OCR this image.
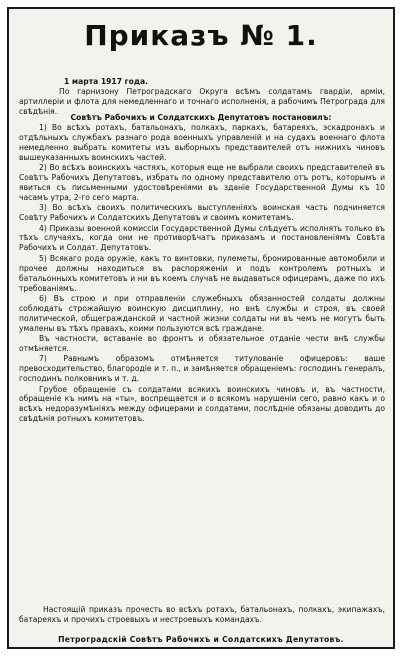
Приказъ № 1.

1 марта 1917 года.

По гарнизону Петроградскаго Округа всѣмъ солдатамъ гвардіи, арміи, артиллеріи и флота для немедленнаго и точнаго исполненія, а рабочимъ Петрограда для свѣдѣнія.

Совѣтъ Рабочихъ и Солдатскихъ Депутатовъ постановилъ:

1) Во всѣхъ ротахъ, батальонахъ, полкахъ, паркахъ, батареяхъ, эскадронахъ и отдѣльныхъ службахъ разнаго рода военныхъ управленій и на судахъ военнаго флота немедленно выбрать комитеты изъ выборныхъ представителей отъ нижнихъ чиновъ вышеуказанныхъ воинскихъ частей.

2) Во всѣхъ воинскихъ частяхъ, которыя еще не выбрали своихъ представителей въ Совѣтъ Рабочихъ Депутатовъ, избрать по одному представителю отъ ротъ, которымъ и явиться съ письменными удостовѣреніями въ зданіе Государственной Думы къ 10 часамъ утра, 2-го сего марта.

3) Во всѣхъ своихъ политическихъ выступленіяхъ воинская часть подчиняется Совѣту Рабочихъ и Солдатскихъ Депутатовъ и своимъ комитетамъ.

4) Приказы военной комиссіи Государственной Думы слѣдуетъ исполнять только въ тѣхъ случаяхъ, когда они не противорѣчатъ приказамъ и постановленіямъ Совѣта Рабочихъ и Солдат. Депутатовъ.

5) Всякаго рода оружіе, какъ то винтовки, пулеметы, бронированные автомобили и прочее должны находиться въ распоряженіи и подъ контролемъ ротныхъ и батальонныхъ комитетовъ и ни въ коемъ случаѣ не выдаваться офицерамъ, даже по ихъ требованіямъ.

6) Въ строю и при отправленіи служебныхъ обязанностей солдаты должны соблюдать строжайшую воинскую дисциплину, но внѣ службы и строя, въ своей политической, общегражданской и частной жизни солдаты ни въ чемъ не могутъ быть умалены въ тѣхъ правахъ, коими пользуются всѣ граждане.

Въ частности, вставаніе во фронтъ и обязательное отданіе чести внѣ службы отмѣняется.

7) Равнымъ образомъ отмѣняется титулованіе офицеровъ: ваше превосходительство, благородіе и т. п., и замѣняется обращеніемъ: господинъ генералъ, господинъ полковникъ и т. д.

Грубое обращеніе съ солдатами всякихъ воинскихъ чиновъ и, въ частности, обращеніе къ нимъ на «ты», воспрещается и о всякомъ нарушеніи сего, равно какъ и о всѣхъ недоразумѣніяхъ между офицерами и солдатами, послѣдніе обязаны доводить до свѣдѣнія ротныхъ комитетовъ.

Настоящій приказъ прочесть во всѣхъ ротахъ, батальонахъ, полкахъ, экипажахъ, батареяхъ и прочихъ строевыхъ и нестроевыхъ командахъ.

Петроградскій Совѣтъ Рабочихъ и Солдатскихъ Депутатовъ.
